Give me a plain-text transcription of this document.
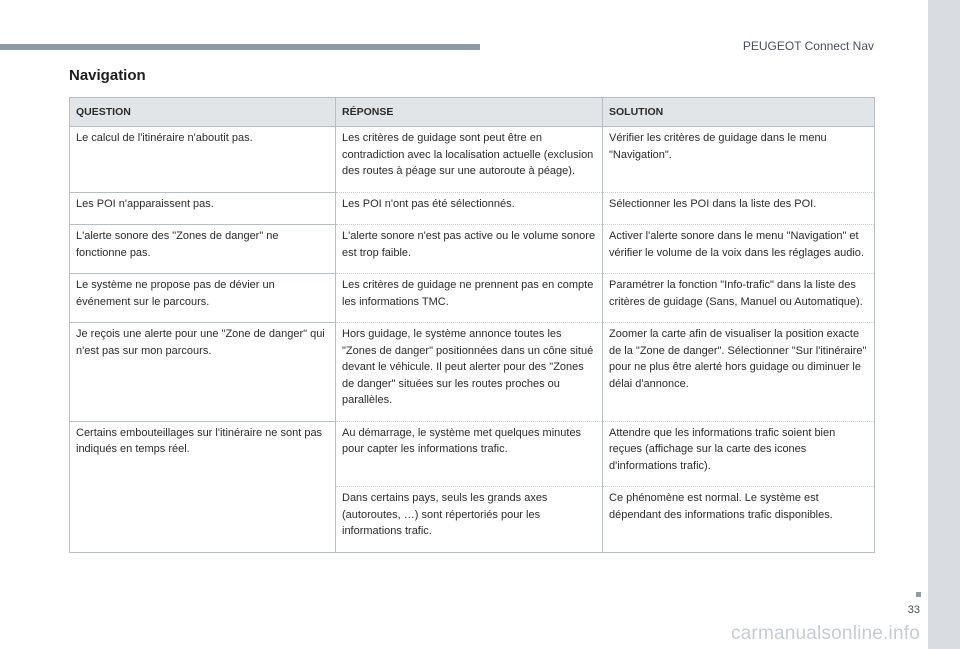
PEUGEOT Connect Nav
Navigation
QUESTION	RÉPONSE	SOLUTION
Le calcul de l'itinéraire n'aboutit pas.	Les critères de guidage sont peut être en contradiction avec la localisation actuelle (exclusion des routes à péage sur une autoroute à péage).	Vérifier les critères de guidage dans le menu "Navigation".
Les POI n'apparaissent pas.	Les POI n'ont pas été sélectionnés.	Sélectionner les POI dans la liste des POI.
L'alerte sonore des "Zones de danger" ne fonctionne pas.	L'alerte sonore n'est pas active ou le volume sonore est trop faible.	Activer l'alerte sonore dans le menu "Navigation" et vérifier le volume de la voix dans les réglages audio.
Le système ne propose pas de dévier un événement sur le parcours.	Les critères de guidage ne prennent pas en compte les informations TMC.	Paramétrer la fonction "Info-trafic" dans la liste des critères de guidage (Sans, Manuel ou Automatique).
Je reçois une alerte pour une "Zone de danger" qui n'est pas sur mon parcours.	Hors guidage, le système annonce toutes les "Zones de danger" positionnées dans un cône situé devant le véhicule. Il peut alerter pour des "Zones de danger" situées sur les routes proches ou parallèles.	Zoomer la carte afin de visualiser la position exacte de la "Zone de danger". Sélectionner "Sur l'itinéraire" pour ne plus être alerté hors guidage ou diminuer le délai d'annonce.
Certains embouteillages sur l'itinéraire ne sont pas indiqués en temps réel.	Au démarrage, le système met quelques minutes pour capter les informations trafic.	Attendre que les informations trafic soient bien reçues (affichage sur la carte des icones d'informations trafic).
	Dans certains pays, seuls les grands axes (autoroutes, …) sont répertoriés pour les informations trafic.	Ce phénomène est normal. Le système est dépendant des informations trafic disponibles.
33
carmanualsonline.info
